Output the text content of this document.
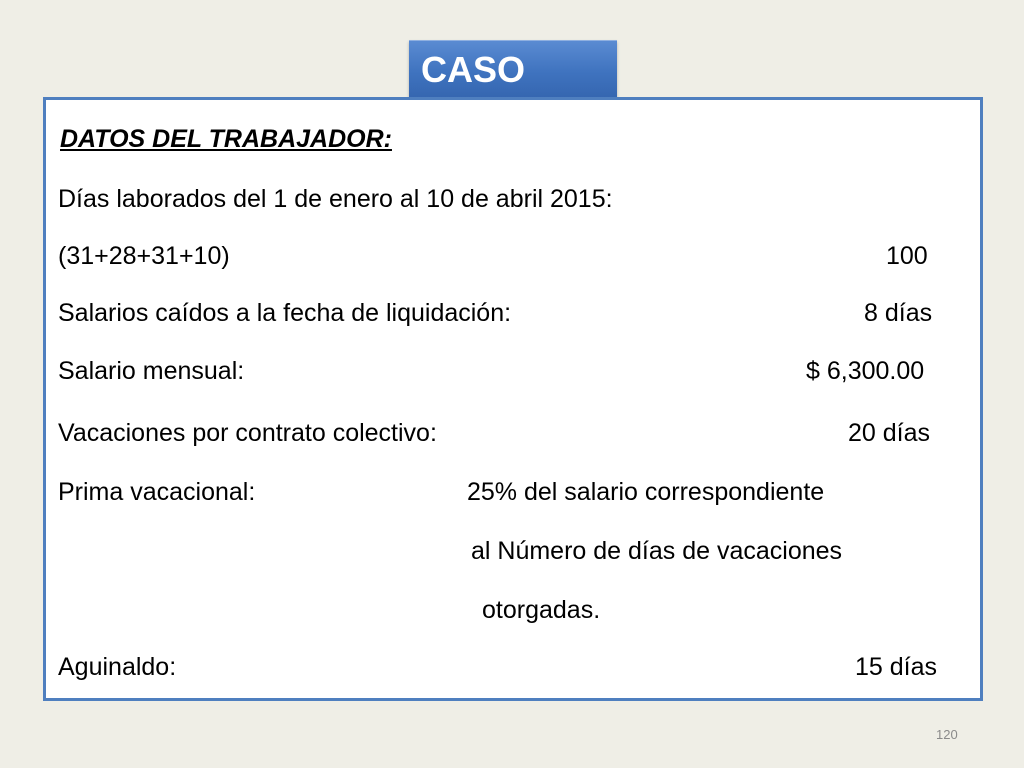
CASO
DATOS DEL TRABAJADOR:
Días laborados del 1 de enero al 10 de abril 2015:
(31+28+31+10)	100
Salarios caídos a la fecha de liquidación:	8 días
Salario mensual:	$ 6,300.00
Vacaciones por contrato colectivo:	20 días
Prima vacacional:	25% del salario correspondiente
al Número de días de vacaciones
otorgadas.
Aguinaldo:	15 días
120
